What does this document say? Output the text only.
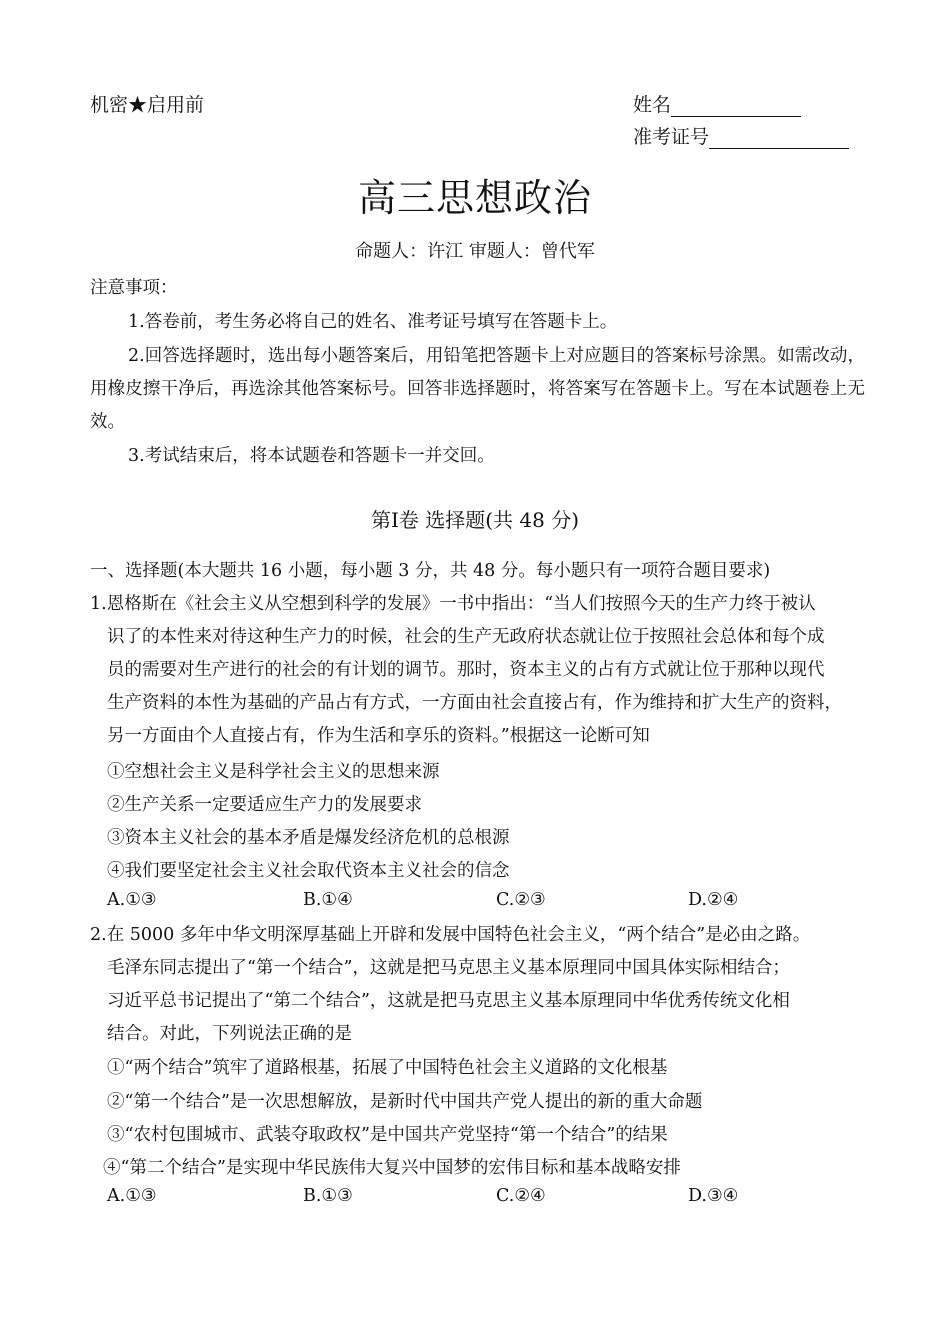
机密★启用前	姓名
准考证号
高三思想政治
命题人：许江 审题人：曾代军
注意事项：
1.答卷前，考生务必将自己的姓名、准考证号填写在答题卡上。
2.回答选择题时，选出每小题答案后，用铅笔把答题卡上对应题目的答案标号涂黑。如需改动，用橡皮擦干净后，再选涂其他答案标号。回答非选择题时，将答案写在答题卡上。写在本试题卷上无效。
3.考试结束后，将本试题卷和答题卡一并交回。
第Ⅰ卷 选择题(共 48 分)
一、选择题(本大题共 16 小题，每小题 3 分，共 48 分。每小题只有一项符合题目要求)
1.恩格斯在《社会主义从空想到科学的发展》一书中指出：“当人们按照今天的生产力终于被认
识了的本性来对待这种生产力的时候，社会的生产无政府状态就让位于按照社会总体和每个成
员的需要对生产进行的社会的有计划的调节。那时，资本主义的占有方式就让位于那种以现代
生产资料的本性为基础的产品占有方式，一方面由社会直接占有，作为维持和扩大生产的资料，
另一方面由个人直接占有，作为生活和享乐的资料。”根据这一论断可知
①空想社会主义是科学社会主义的思想来源
②生产关系一定要适应生产力的发展要求
③资本主义社会的基本矛盾是爆发经济危机的总根源
④我们要坚定社会主义社会取代资本主义社会的信念
A.①③	B.①④	C.②③	D.②④
2.在 5000 多年中华文明深厚基础上开辟和发展中国特色社会主义，“两个结合”是必由之路。
毛泽东同志提出了“第一个结合”，这就是把马克思主义基本原理同中国具体实际相结合；
习近平总书记提出了“第二个结合”，这就是把马克思主义基本原理同中华优秀传统文化相
结合。对此，下列说法正确的是
①“两个结合”筑牢了道路根基，拓展了中国特色社会主义道路的文化根基
②“第一个结合”是一次思想解放，是新时代中国共产党人提出的新的重大命题
③“农村包围城市、武装夺取政权”是中国共产党坚持“第一个结合”的结果
④“第二个结合”是实现中华民族伟大复兴中国梦的宏伟目标和基本战略安排
A.①③	B.①③	C.②④	D.③④
